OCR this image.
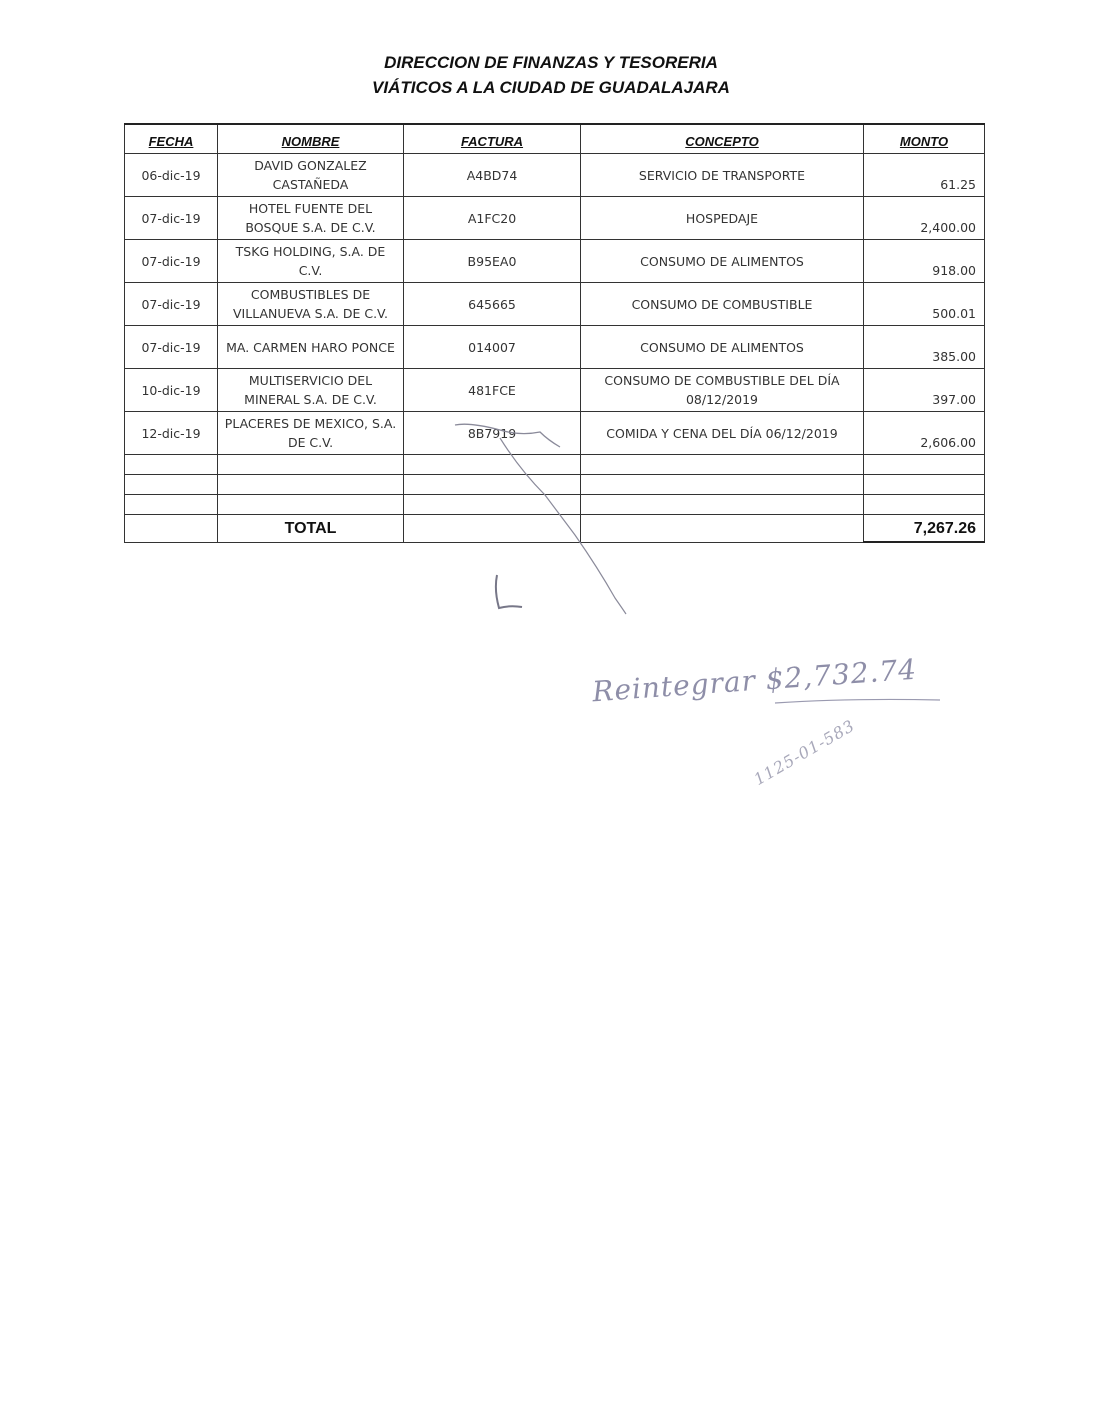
DIRECCION DE FINANZAS Y TESORERIA
VIÁTICOS A LA CIUDAD DE GUADALAJARA
FECHA	NOMBRE	FACTURA	CONCEPTO	MONTO
06-dic-19	DAVID GONZALEZ CASTAÑEDA	A4BD74	SERVICIO DE TRANSPORTE	61.25
07-dic-19	HOTEL FUENTE DEL BOSQUE S.A. DE C.V.	A1FC20	HOSPEDAJE	2,400.00
07-dic-19	TSKG HOLDING, S.A. DE C.V.	B95EA0	CONSUMO DE ALIMENTOS	918.00
07-dic-19	COMBUSTIBLES DE VILLANUEVA S.A. DE C.V.	645665	CONSUMO DE COMBUSTIBLE	500.01
07-dic-19	MA. CARMEN HARO PONCE	014007	CONSUMO DE ALIMENTOS	385.00
10-dic-19	MULTISERVICIO DEL MINERAL S.A. DE C.V.	481FCE	CONSUMO DE COMBUSTIBLE DEL DÍA 08/12/2019	397.00
12-dic-19	PLACERES DE MEXICO, S.A. DE C.V.	8B7919	COMIDA Y CENA DEL DÍA 06/12/2019	2,606.00

	TOTAL			7,267.26
Reintegrar $2,732.74
1125-01-583
